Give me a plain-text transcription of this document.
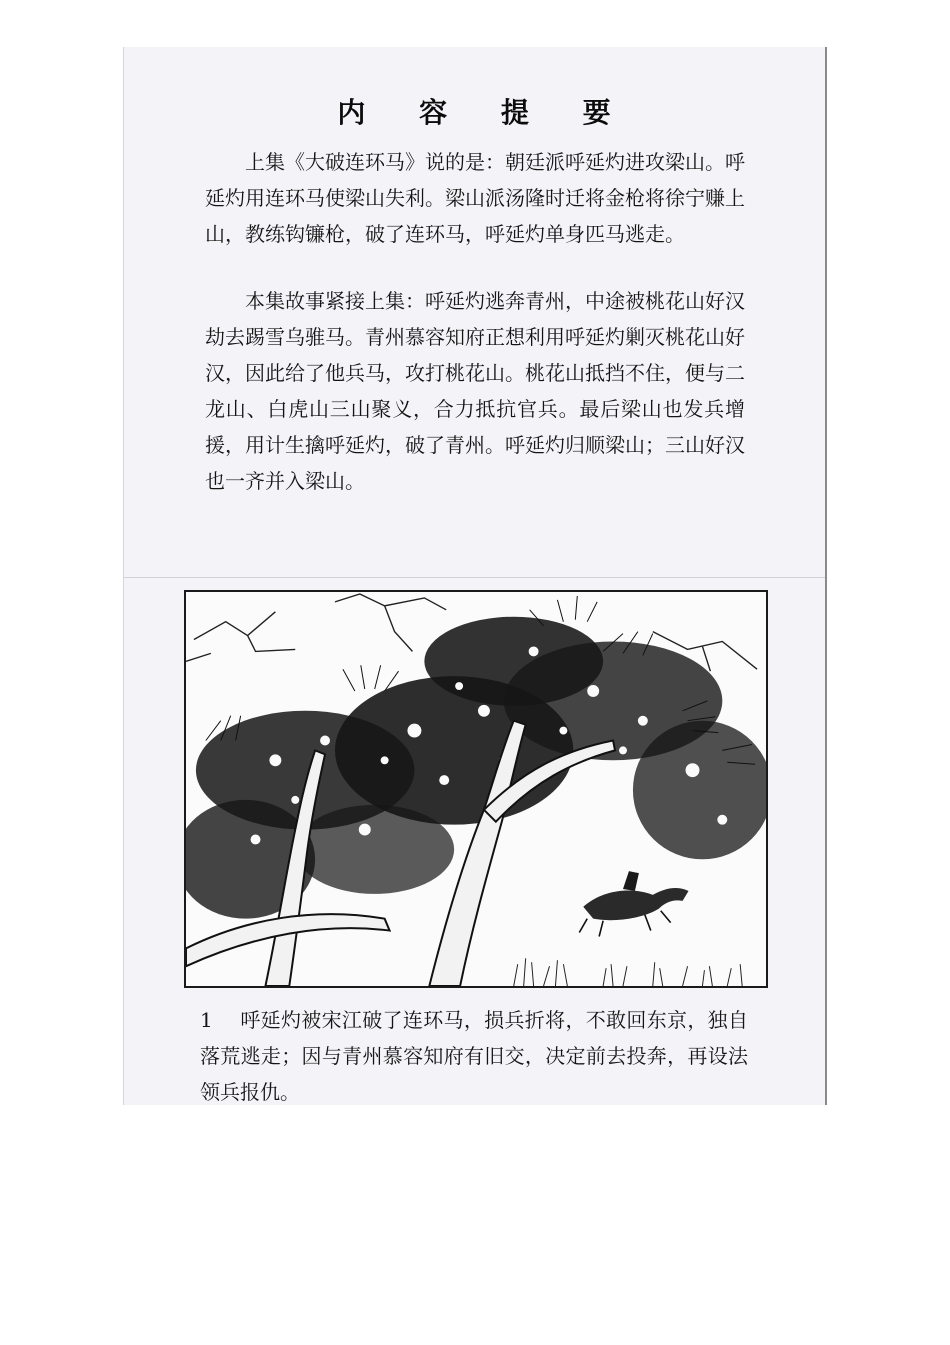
内 容 提 要

上集《大破连环马》说的是：朝廷派呼延灼进攻梁山。呼延灼用连环马使梁山失利。梁山派汤隆时迁将金枪将徐宁赚上山，教练钩镰枪，破了连环马，呼延灼单身匹马逃走。

本集故事紧接上集：呼延灼逃奔青州，中途被桃花山好汉劫去踢雪乌骓马。青州慕容知府正想利用呼延灼剿灭桃花山好汉，因此给了他兵马，攻打桃花山。桃花山抵挡不住，便与二龙山、白虎山三山聚义，合力抵抗官兵。最后梁山也发兵增援，用计生擒呼延灼，破了青州。呼延灼归顺梁山；三山好汉也一齐并入梁山。

1 呼延灼被宋江破了连环马，损兵折将，不敢回东京，独自落荒逃走；因与青州慕容知府有旧交，决定前去投奔，再设法领兵报仇。
